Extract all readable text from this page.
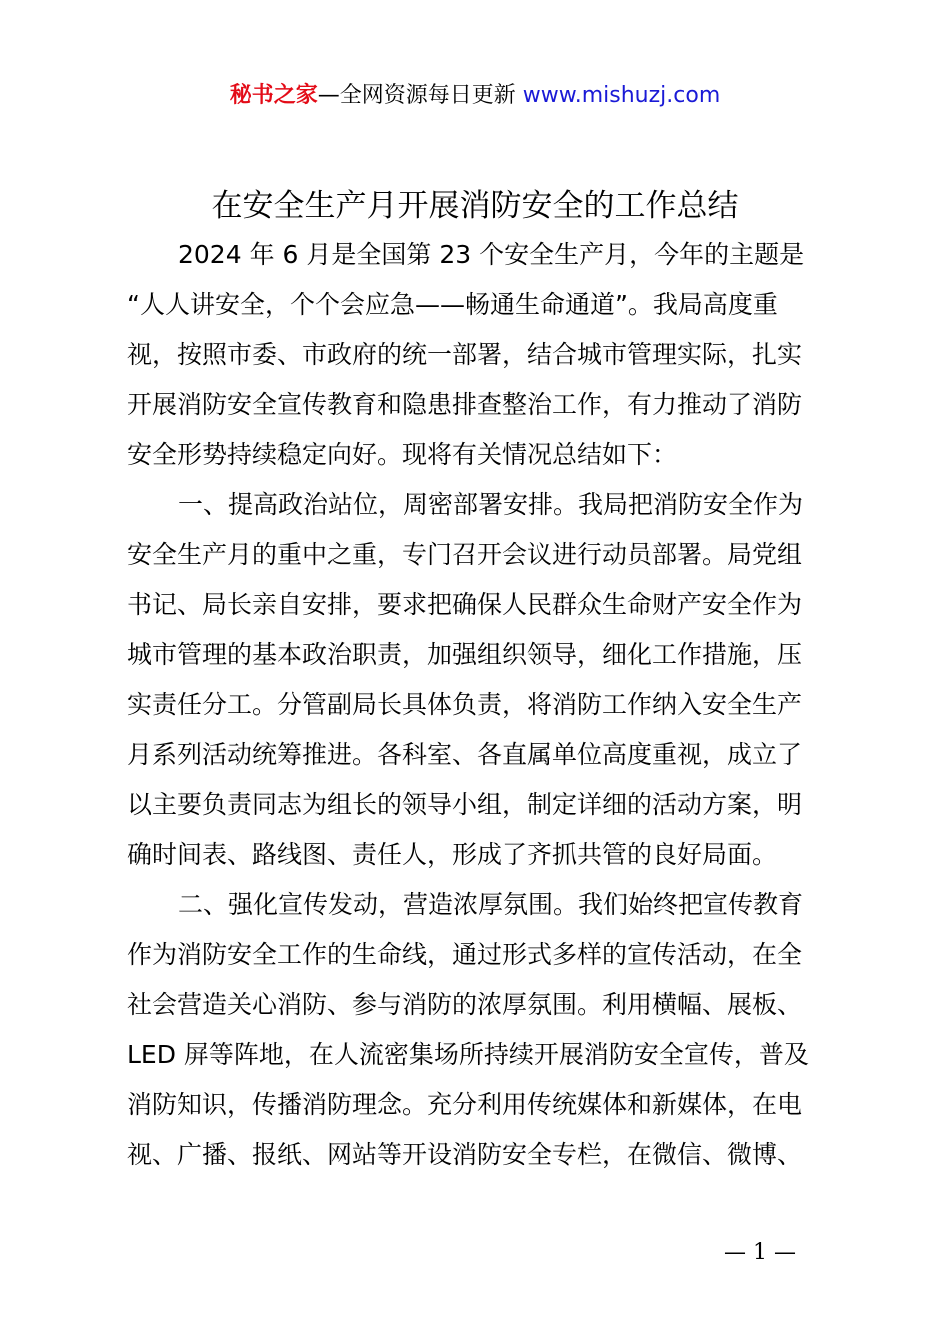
秘书之家—全网资源每日更新 www.mishuzj.com
在安全生产月开展消防安全的工作总结
2024 年 6 月是全国第 23 个安全生产月，今年的主题是
“人人讲安全，个个会应急——畅通生命通道”。我局高度重
视，按照市委、市政府的统一部署，结合城市管理实际，扎实
开展消防安全宣传教育和隐患排查整治工作，有力推动了消防
安全形势持续稳定向好。现将有关情况总结如下：
一、提高政治站位，周密部署安排。我局把消防安全作为
安全生产月的重中之重，专门召开会议进行动员部署。局党组
书记、局长亲自安排，要求把确保人民群众生命财产安全作为
城市管理的基本政治职责，加强组织领导，细化工作措施，压
实责任分工。分管副局长具体负责，将消防工作纳入安全生产
月系列活动统筹推进。各科室、各直属单位高度重视，成立了
以主要负责同志为组长的领导小组，制定详细的活动方案，明
确时间表、路线图、责任人，形成了齐抓共管的良好局面。
二、强化宣传发动，营造浓厚氛围。我们始终把宣传教育
作为消防安全工作的生命线，通过形式多样的宣传活动，在全
社会营造关心消防、参与消防的浓厚氛围。利用横幅、展板、
LED 屏等阵地，在人流密集场所持续开展消防安全宣传，普及
消防知识，传播消防理念。充分利用传统媒体和新媒体，在电
视、广播、报纸、网站等开设消防安全专栏，在微信、微博、
— 1 —
